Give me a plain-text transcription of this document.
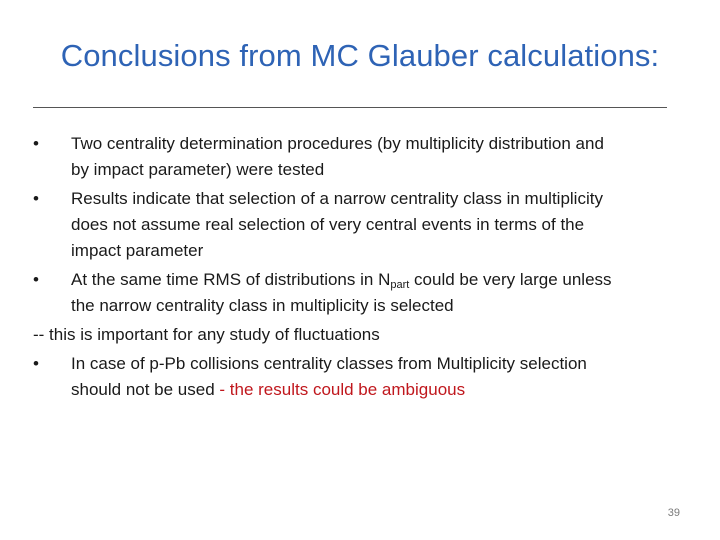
Conclusions from MC Glauber calculations:
•	Two centrality determination procedures (by multiplicity distribution and
by impact parameter) were tested
•	Results indicate that selection of a narrow centrality class in multiplicity
does not assume real selection of very central events in terms of the
impact parameter
•	At the same time RMS of distributions in $N_{part}$ could be very large unless
the narrow centrality class in multiplicity is selected
-- this is important for any study of fluctuations
•	In case of p-Pb collisions centrality classes from Multiplicity selection
should not be used - the results could be ambiguous
39
